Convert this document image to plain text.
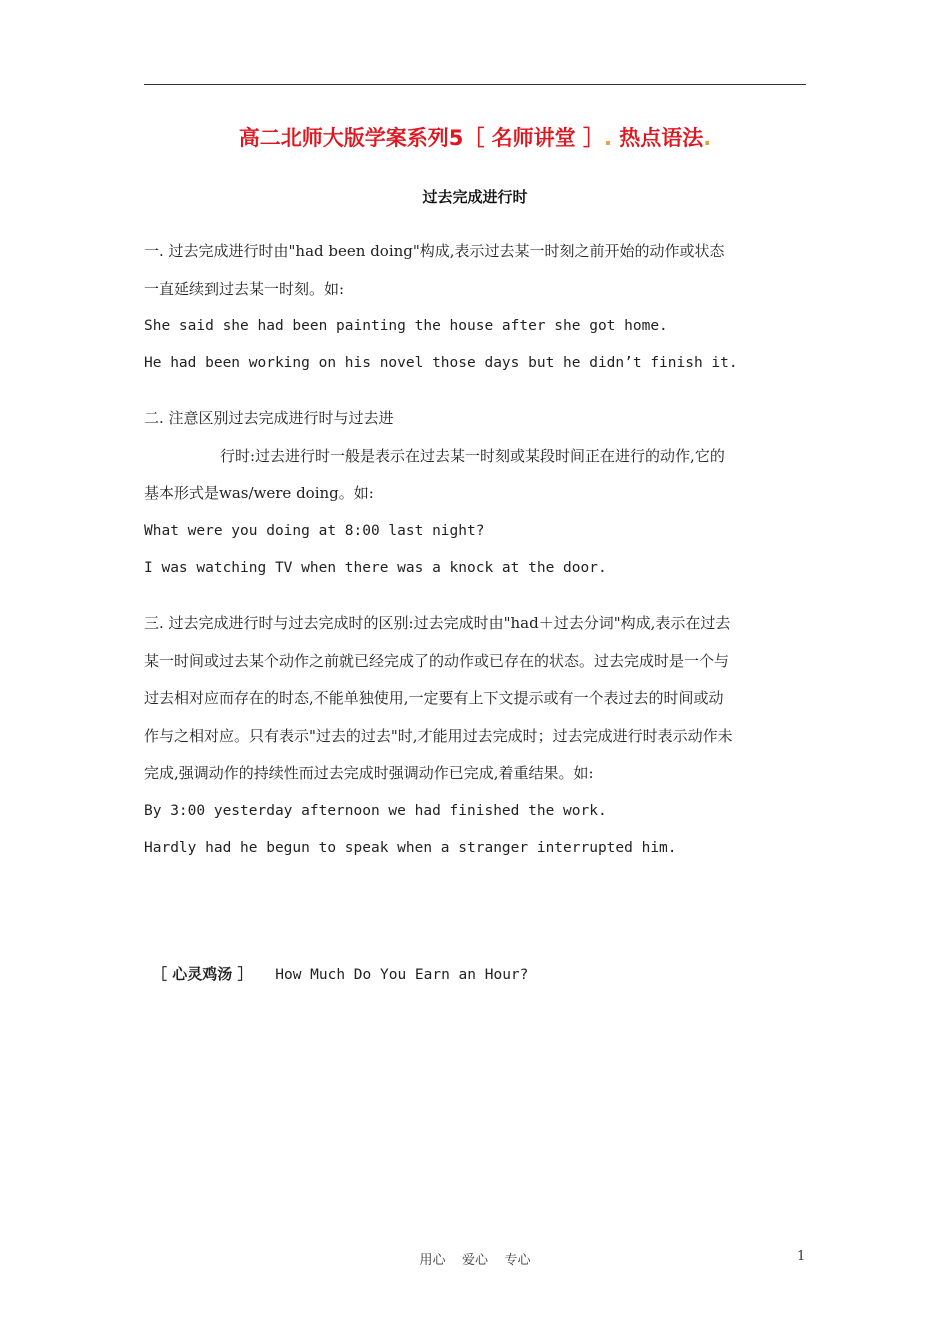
高二北师大版学案系列5［ 名师讲堂 ］. 热点语法.
过去完成进行时
一. 过去完成进行时由"had been doing"构成,表示过去某一时刻之前开始的动作或状态
一直延续到过去某一时刻。如:
She said she had been painting the house after she got home.
He had been working on his novel those days but he didn’t finish it.
二. 注意区别过去完成进行时与过去进
行时:过去进行时一般是表示在过去某一时刻或某段时间正在进行的动作,它的
基本形式是was/were doing。如:
What were you doing at 8:00 last night?
I was watching TV when there was a knock at the door.
三. 过去完成进行时与过去完成时的区别:过去完成时由"had＋过去分词"构成,表示在过去
某一时间或过去某个动作之前就已经完成了的动作或已存在的状态。过去完成时是一个与
过去相对应而存在的时态,不能单独使用,一定要有上下文提示或有一个表过去的时间或动
作与之相对应。只有表示"过去的过去"时,才能用过去完成时；过去完成进行时表示动作未
完成,强调动作的持续性而过去完成时强调动作已完成,着重结果。如:
By 3:00 yesterday afternoon we had finished the work.
Hardly had he begun to speak when a stranger interrupted him.
［ 心灵鸡汤 ］ How Much Do You Earn an Hour?
用心    爱心    专心	1
